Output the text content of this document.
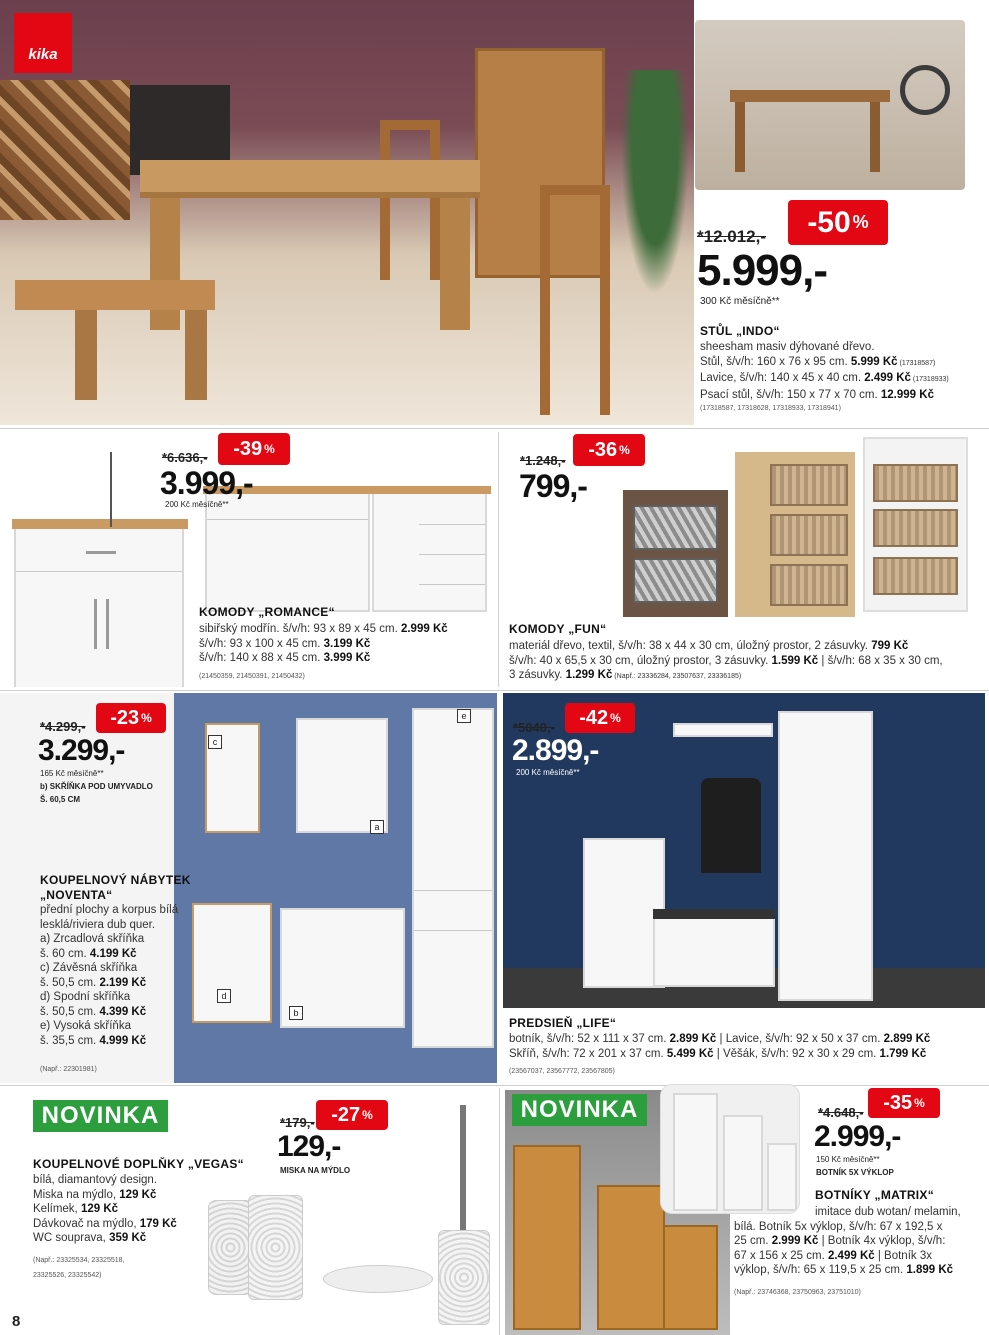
kika
*12.012,- -50 %
5.999,-
300 Kč měsíčně**
STŮL „INDO“
sheesham masiv dýhované dřevo.
Stůl, š/v/h: 160 x 76 x 95 cm. 5.999 Kč (17318587)
Lavice, š/v/h: 140 x 45 x 40 cm. 2.499 Kč (17318933)
Psací stůl, š/v/h: 150 x 77 x 70 cm. 12.999 Kč
(17318587, 17318628, 17318933, 17318941)
*6.636,- -39 %
3.999,-
200 Kč měsíčně**
KOMODY „ROMANCE“
sibiřský modřín. š/v/h: 93 x 89 x 45 cm. 2.999 Kč
š/v/h: 93 x 100 x 45 cm. 3.199 Kč
š/v/h: 140 x 88 x 45 cm. 3.999 Kč
(21450359, 21450391, 21450432)
*1.248,- -36 %
799,-
KOMODY „FUN“
materiál dřevo, textil, š/v/h: 38 x 44 x 30 cm, úložný prostor, 2 zásuvky. 799 Kč
š/v/h: 40 x 65,5 x 30 cm, úložný prostor, 3 zásuvky. 1.599 Kč | š/v/h: 68 x 35 x 30 cm,
3 zásuvky. 1.299 Kč (Např.: 23336284, 23507637, 23336185)
a
b
c
d
e
*4.299,- -23 %
3.299,-
165 Kč měsíčně**
b) SKŘÍŇKA POD UMYVADLO
Š. 60,5 CM
KOUPELNOVÝ NÁBYTEK
„NOVENTA“
přední plochy a korpus bílá
lesklá/riviera dub quer.
a) Zrcadlová skříňka
š. 60 cm. 4.199 Kč
c) Závěsná skříňka
š. 50,5 cm. 2.199 Kč
d) Spodní skříňka
š. 50,5 cm. 4.399 Kč
e) Vysoká skříňka
š. 35,5 cm. 4.999 Kč
(Např.: 22301981)
*5040,- -42 %
2.899,-
200 Kč měsíčně**
PREDSIEŇ „LIFE“
botník, š/v/h: 52 x 111 x 37 cm. 2.899 Kč | Lavice, š/v/h: 92 x 50 x 37 cm. 2.899 Kč
Skříň, š/v/h: 72 x 201 x 37 cm. 5.499 Kč | Věšák, š/v/h: 92 x 30 x 29 cm. 1.799 Kč
(23567037, 23567772, 23567805)
NOVINKA	*179,- -27 %
129,-
MISKA NA MÝDLO
KOUPELNOVÉ DOPLŇKY „VEGAS“
bílá, diamantový design.
Miska na mýdlo, 129 Kč
Kelímek, 129 Kč
Dávkovač na mýdlo, 179 Kč
WC souprava, 359 Kč
(Např.: 23325534, 23325518,
23325526, 23325542)
NOVINKA	*4.648,- -35 %
2.999,-
150 Kč měsíčně**
BOTNÍK 5X VÝKLOP
BOTNÍKY „MATRIX“
imitace dub wotan/ melamin,
bílá. Botník 5x výklop, š/v/h: 67 x 192,5 x
25 cm. 2.999 Kč | Botník 4x výklop, š/v/h:
67 x 156 x 25 cm. 2.499 Kč | Botník 3x
výklop, š/v/h: 65 x 119,5 x 25 cm. 1.899 Kč
(Např.: 23746368, 23750963, 23751010)
8
